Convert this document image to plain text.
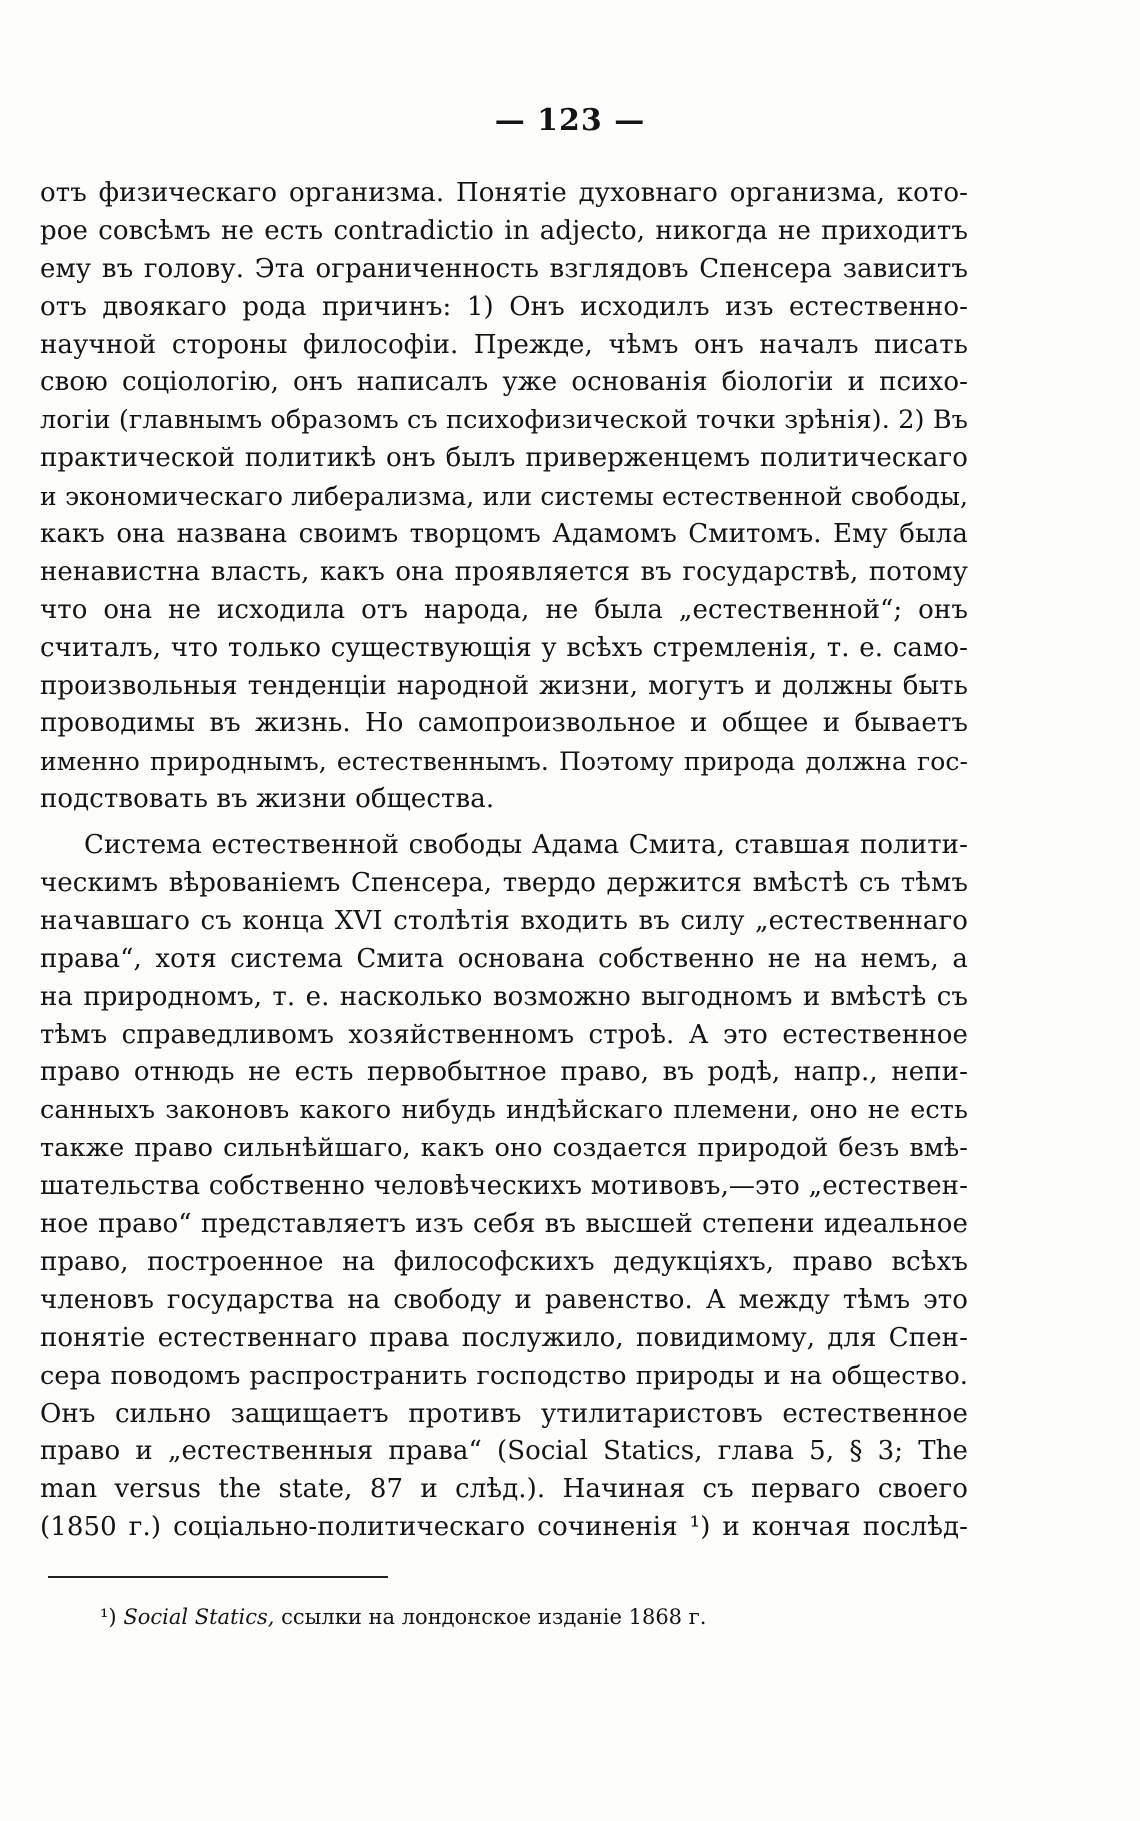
— 123 —
отъ физическаго организма. Понятіе духовнаго организма, кото-
рое совсѣмъ не есть contradictio in adjecto, никогда не приходитъ
ему въ голову. Эта ограниченность взглядовъ Спенсера зависитъ
отъ двоякаго рода причинъ: 1) Онъ исходилъ изъ естественно-
научной стороны философіи. Прежде, чѣмъ онъ началъ писать
свою соціологію, онъ написалъ уже основанія біологіи и психо-
логіи (главнымъ образомъ съ психофизической точки зрѣнія). 2) Въ
практической политикѣ онъ былъ приверженцемъ политическаго
и экономическаго либерализма, или системы естественной свободы,
какъ она названа своимъ творцомъ Адамомъ Смитомъ. Ему была
ненавистна власть, какъ она проявляется въ государствѣ, потому
что она не исходила отъ народа, не была „естественной“; онъ
считалъ, что только существующія у всѣхъ стремленія, т. е. само-
произвольныя тенденціи народной жизни, могутъ и должны быть
проводимы въ жизнь. Но самопроизвольное и общее и бываетъ
именно природнымъ, естественнымъ. Поэтому природа должна гос-
подствовать въ жизни общества.
Система естественной свободы Адама Смита, ставшая полити-
ческимъ вѣрованіемъ Спенсера, твердо держится вмѣстѣ съ тѣмъ
начавшаго съ конца XVI столѣтія входить въ силу „естественнаго
права“, хотя система Смита основана собственно не на немъ, а
на природномъ, т. е. насколько возможно выгодномъ и вмѣстѣ съ
тѣмъ справедливомъ хозяйственномъ строѣ. А это естественное
право отнюдь не есть первобытное право, въ родѣ, напр., непи-
санныхъ законовъ какого нибудь индѣйскаго племени, оно не есть
также право сильнѣйшаго, какъ оно создается природой безъ вмѣ-
шательства собственно человѣческихъ мотивовъ,—это „естествен-
ное право“ представляетъ изъ себя въ высшей степени идеальное
право, построенное на философскихъ дедукціяхъ, право всѣхъ
членовъ государства на свободу и равенство. А между тѣмъ это
понятіе естественнаго права послужило, повидимому, для Спен-
сера поводомъ распространить господство природы и на общество.
Онъ сильно защищаетъ противъ утилитаристовъ естественное
право и „естественныя права“ (Social Statics, глава 5, § 3; The
man versus the state, 87 и слѣд.). Начиная съ перваго своего
(1850 г.) соціально-политическаго сочиненія ¹) и кончая послѣд-
¹) Social Statics, ссылки на лондонское изданіе 1868 г.
